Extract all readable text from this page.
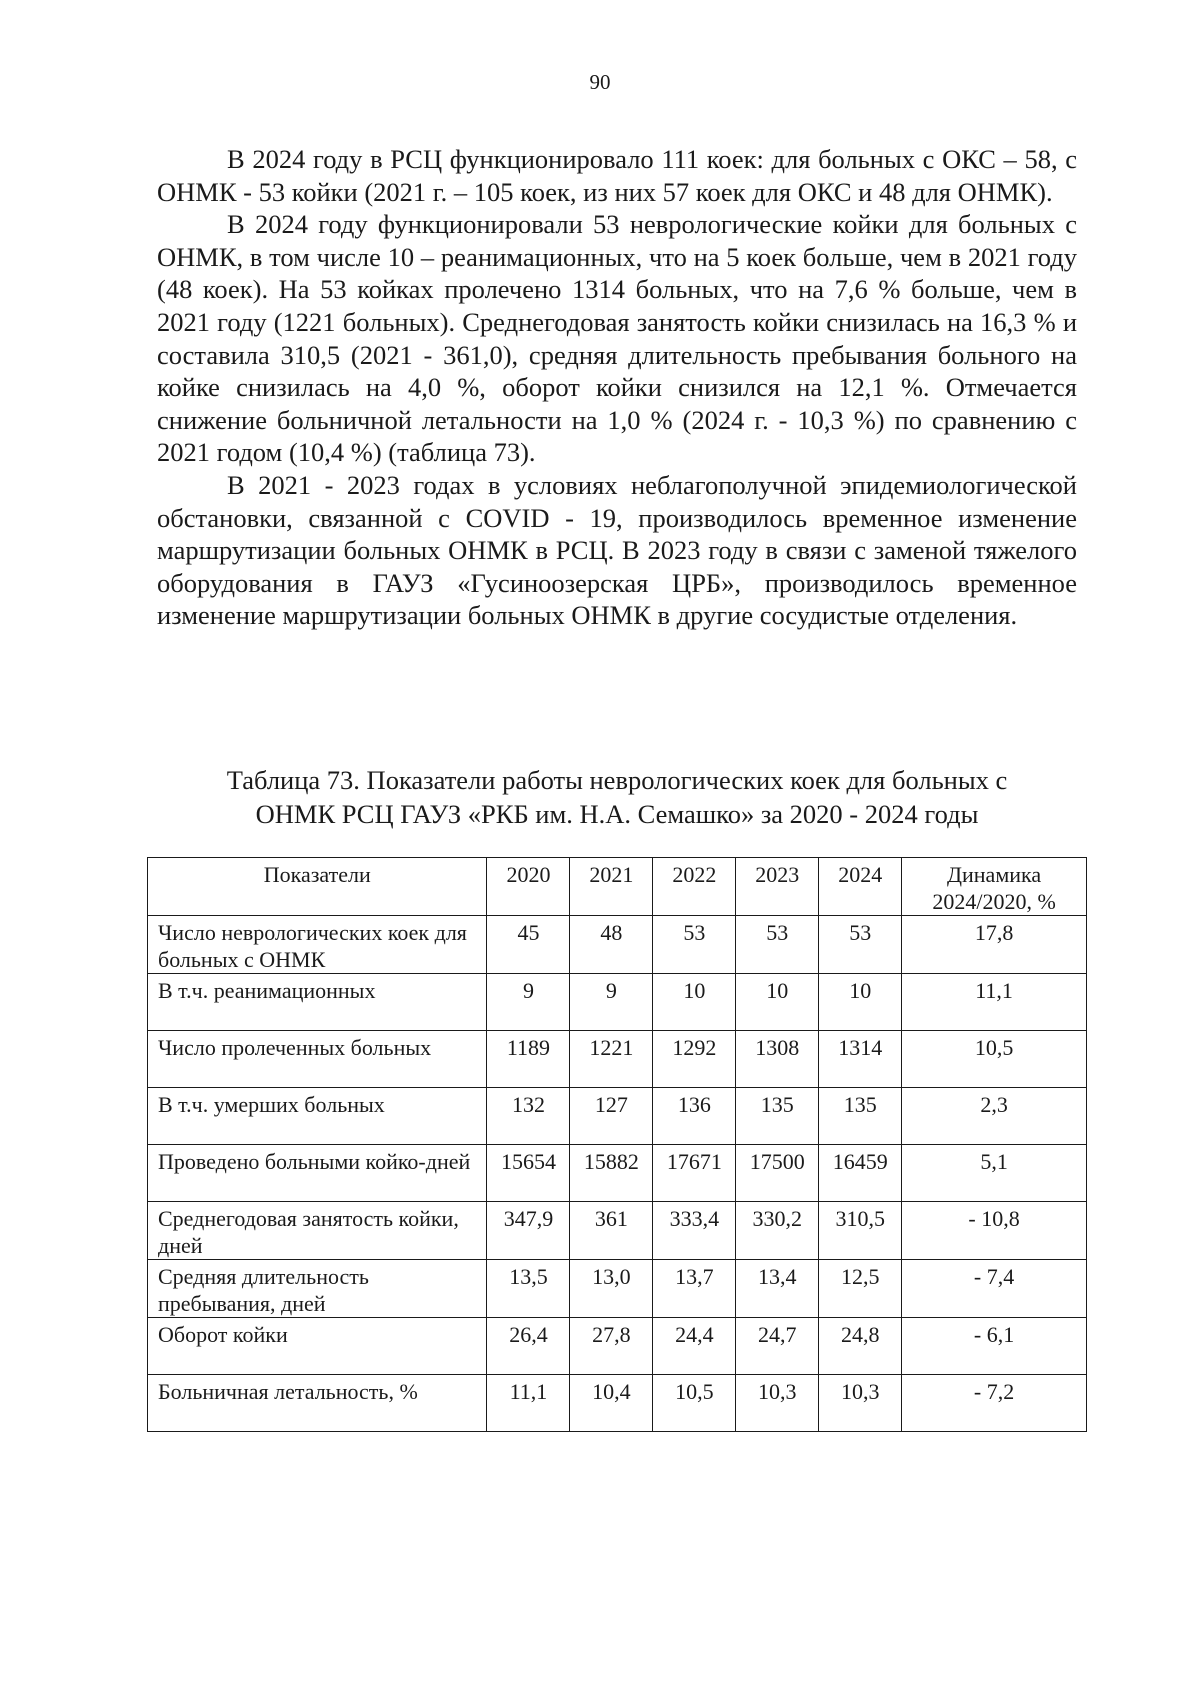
90

В 2024 году в РСЦ функционировало 111 коек: для больных с ОКС – 58, с ОНМК - 53 койки (2021 г. – 105 коек, из них 57 коек для ОКС и 48 для ОНМК).

В 2024 году функционировали 53 неврологические койки для больных с ОНМК, в том числе 10 – реанимационных, что на 5 коек больше, чем в 2021 году (48 коек). На 53 койках пролечено 1314 больных, что на 7,6 % больше, чем в 2021 году (1221 больных). Среднегодовая занятость койки снизилась на 16,3 % и составила 310,5 (2021 - 361,0), средняя длительность пребывания больного на койке снизилась на 4,0 %, оборот койки снизился на 12,1 %. Отмечается снижение больничной летальности на 1,0 % (2024 г. - 10,3 %) по сравнению с 2021 годом (10,4 %) (таблица 73).

В 2021 - 2023 годах в условиях неблагополучной эпидемиологической обстановки, связанной с COVID - 19, производилось временное изменение маршрутизации больных ОНМК в РСЦ. В 2023 году в связи с заменой тяжелого оборудования в ГАУЗ «Гусиноозерская ЦРБ», производилось временное изменение маршрутизации больных ОНМК в другие сосудистые отделения.

Таблица 73. Показатели работы неврологических коек для больных с
ОНМК РСЦ ГАУЗ «РКБ им. Н.А. Семашко» за 2020 - 2024 годы
Показатели	2020	2021	2022	2023	2024	Динамика
2024/2020, %

Число неврологических коек для больных с ОНМК	45	48	53	53	53	17,8
В т.ч. реанимационных	9	9	10	10	10	11,1
Число пролеченных больных	1189	1221	1292	1308	1314	10,5
В т.ч. умерших больных	132	127	136	135	135	2,3
Проведено больными койко-дней	15654	15882	17671	17500	16459	5,1
Среднегодовая занятость койки, дней	347,9	361	333,4	330,2	310,5	- 10,8
Средняя длительность пребывания, дней	13,5	13,0	13,7	13,4	12,5	- 7,4
Оборот койки	26,4	27,8	24,4	24,7	24,8	- 6,1
Больничная летальность, %	11,1	10,4	10,5	10,3	10,3	- 7,2
